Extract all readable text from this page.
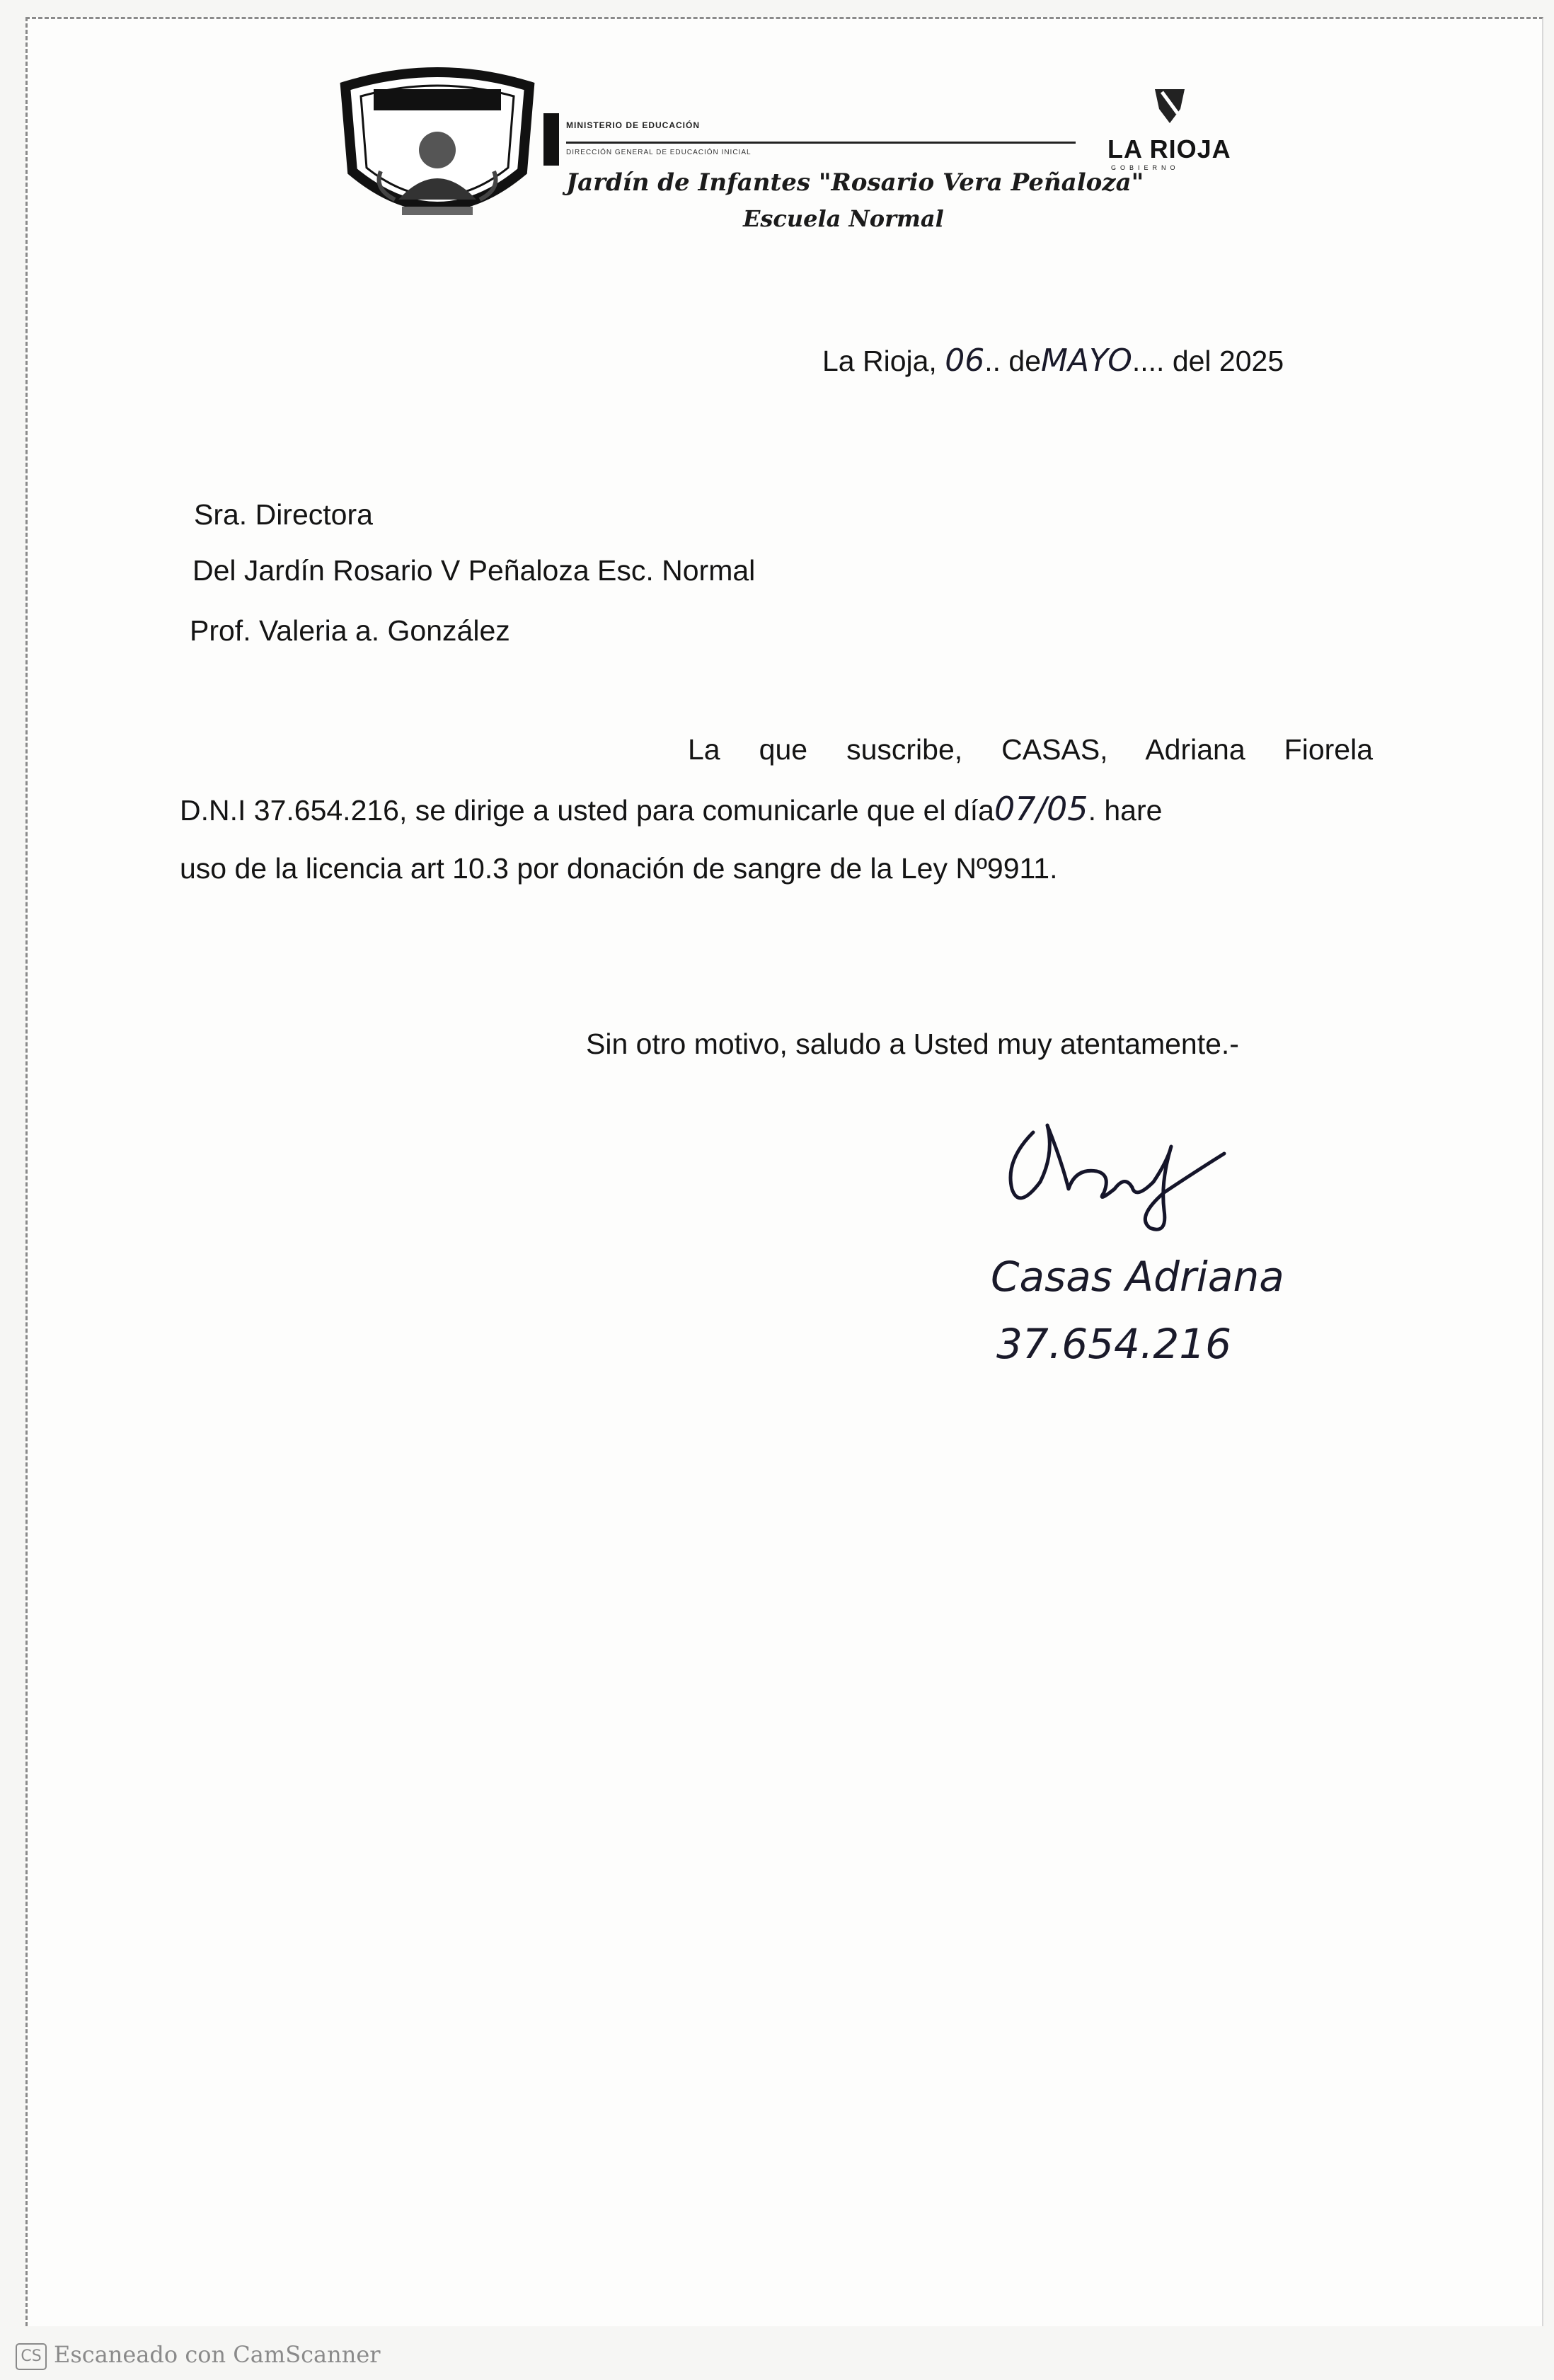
MINISTERIO DE EDUCACIÓN
DIRECCIÓN GENERAL DE EDUCACIÓN INICIAL
Jardín de Infantes "Rosario Vera Peñaloza"
Escuela Normal
LA RIOJA
GOBIERNO
La Rioja, 06.. deMAYO.... del 2025
Sra. Directora
Del Jardín Rosario V Peñaloza Esc. Normal
Prof. Valeria a. González
La que suscribe, CASAS, Adriana Fiorela
D.N.I 37.654.216, se dirige a usted para comunicarle que el día07/05. hare
uso de la licencia art 10.3 por donación de sangre de la Ley Nº9911.
Sin otro motivo, saludo a Usted muy atentamente.-
Casas Adriana
37.654.216
CS Escaneado con CamScanner
